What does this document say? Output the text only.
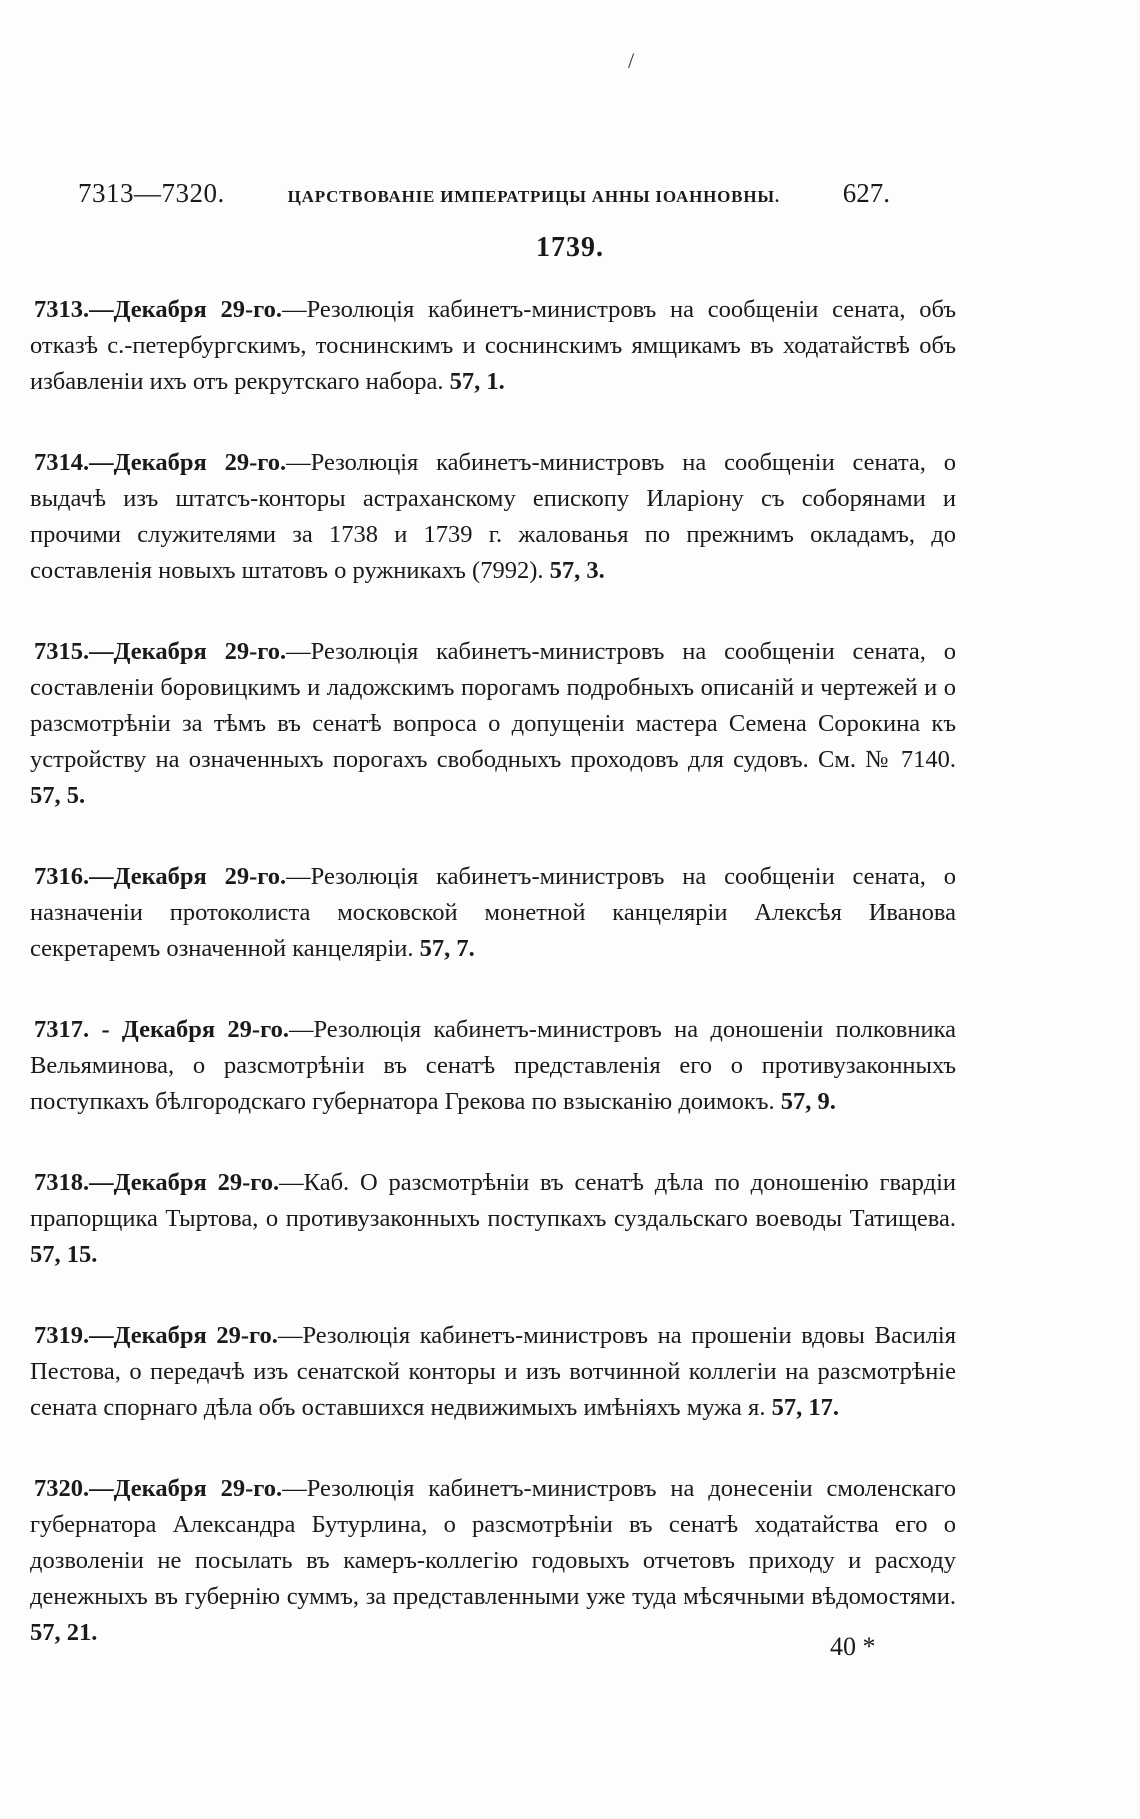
/
7313—7320.	ЦАРСТВОВАНІЕ ИМПЕРАТРИЦЫ АННЫ ІОАННОВНЫ. 627.
1739.

7313.—Декабря 29-го.—Резолюція кабинетъ-министровъ на сообщеніи сената, объ отказѣ с.-петербургскимъ, тоснинскимъ и сoснинскимъ ямщикамъ въ ходатайствѣ объ избавленіи ихъ отъ рекрутскаго набора. 57, 1.

7314.—Декабря 29-го.—Резолюція кабинетъ-министровъ на сообщеніи сената, о выдачѣ изъ штатсъ-конторы астраханскому епископу Иларіону съ соборянами и прочими служителями за 1738 и 1739 г. жалованья по прежнимъ окладамъ, до составленія новыхъ штатовъ о ружникахъ (7992). 57, 3.

7315.—Декабря 29-го.—Резолюція кабинетъ-министровъ на сообщеніи сената, о составленіи боровицкимъ и ладожскимъ порогамъ подробныхъ описаній и чертежей и о разсмотрѣніи за тѣмъ въ сенатѣ вопроса о допущеніи мастера Семена Сорокина къ устройству на означенныхъ порогахъ свободныхъ проходовъ для судовъ. См. № 7140. 57, 5.

7316.—Декабря 29-го.—Резолюція кабинетъ-министровъ на сообщеніи сената, о назначеніи протоколиста московской монетной канцеляріи Алексѣя Иванова секретаремъ означенной канцеляріи. 57, 7.

7317. - Декабря 29-го.—Резолюція кабинетъ-министровъ на доношеніи полковника Вельяминова, о разсмотрѣніи въ сенатѣ представленія его о противузаконныхъ поступкахъ бѣлгородскаго губернатора Грекова по взысканію доимокъ. 57, 9.

7318.—Декабря 29-го.—Каб. О разсмотрѣніи въ сенатѣ дѣла по доношенію гвардіи прапорщика Тыртова, о противузаконныхъ поступкахъ суздальскаго воеводы Татищева. 57, 15.

7319.—Декабря 29-го.—Резолюція кабинетъ-министровъ на прошеніи вдовы Василія Пестова, о передачѣ изъ сенатской конторы и изъ вотчинной коллегіи на разсмотрѣніе сената спорнаго дѣла объ оставшихся недвижимыхъ имѣніяхъ мужа я. 57, 17.

7320.—Декабря 29-го.—Резолюція кабинетъ-министровъ на донесеніи смоленскаго губернатора Александра Бутурлина, о разсмотрѣніи въ сенатѣ ходатайства его о дозволеніи не посылать въ камеръ-коллегію годовыхъ отчетовъ приходу и расходу денежныхъ въ губернію суммъ, за представленными уже туда мѣсячными вѣдомостями. 57, 21.	40 *
